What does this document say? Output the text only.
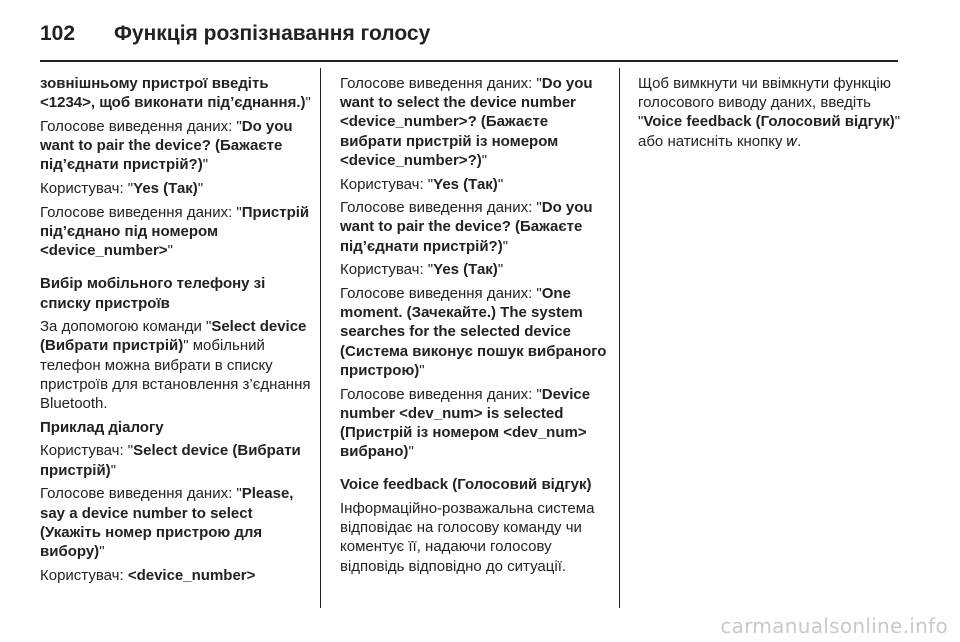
102 Функція розпізнавання голосу

зовнішньому пристрої введіть <1234>, щоб виконати під’єднання.)"

Голосове виведення даних: "Do you want to pair the device? (Бажаєте під’єднати пристрій?)"

Користувач: "Yes (Так)"

Голосове виведення даних: "Пристрій під’єднано під номером <device_number>"

Вибір мобільного телефону зі списку пристроїв

За допомогою команди "Select device (Вибрати пристрій)" мобільний телефон можна вибрати в списку пристроїв для встановлення з’єднання Bluetooth.

Приклад діалогу

Користувач: "Select device (Вибрати пристрій)"

Голосове виведення даних: "Please, say a device number to select (Укажіть номер пристрою для вибору)"

Користувач: <device_number>

Голосове виведення даних: "Do you want to select the device number <device_number>? (Бажаєте вибрати пристрій із номером <device_number>?)"

Користувач: "Yes (Так)"

Голосове виведення даних: "Do you want to pair the device? (Бажаєте під’єднати пристрій?)"

Користувач: "Yes (Так)"

Голосове виведення даних: "One moment. (Зачекайте.) The system searches for the selected device (Система виконує пошук вибраного пристрою)"

Голосове виведення даних: "Device number <dev_num> is selected (Пристрій із номером <dev_num> вибрано)"

Voice feedback (Голосовий відгук)

Інформаційно-розважальна система відповідає на голосову команду чи коментує її, надаючи голосову відповідь відповідно до ситуації.

Щоб вимкнути чи ввімкнути функцію голосового виводу даних, введіть "Voice feedback (Голосовий відгук)" або натисніть кнопку 𝑤.

carmanualsonline.info
